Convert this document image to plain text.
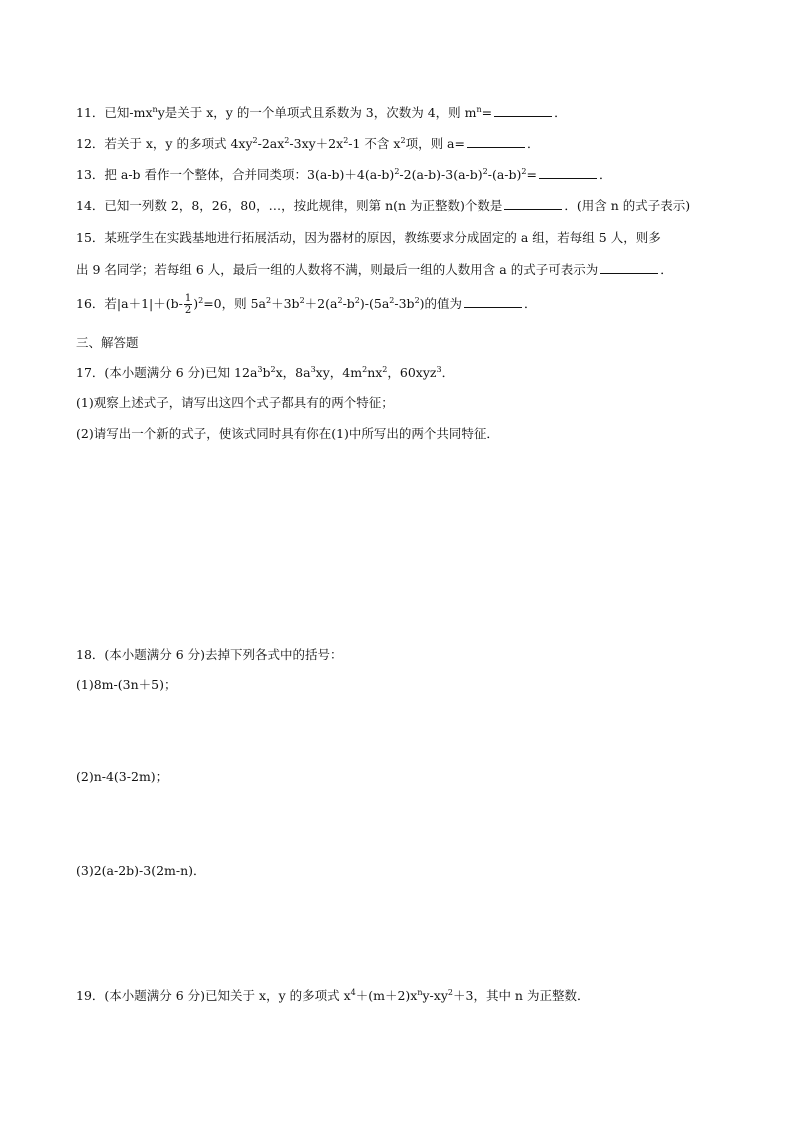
11．已知$-mx^ny$是关于 x，y 的一个单项式且系数为 3，次数为 4，则 $m^n=$	．
12．若关于 x，y 的多项式 $4xy^2-2ax^2-3xy+2x^2-1$ 不含 $x^2$项，则 a=	．
13．把 a-b 看作一个整体，合并同类项：$3(a-b)+4(a-b)^2-2(a-b)-3(a-b)^2-(a-b)^2=$	．
14．已知一列数 2，8，26，80，…，按此规律，则第 n(n 为正整数)个数是	．(用含 n 的式子表示)
15．某班学生在实践基地进行拓展活动，因为器材的原因，教练要求分成固定的 a 组，若每组 5 人，则多
出 9 名同学；若每组 6 人，最后一组的人数将不满，则最后一组的人数用含 a 的式子可表示为	．
16．若$|a+1|+(b- \frac{1}{2} )^2=0$，则 $5a^2+3b^2+2(a^2-b^2)-(5a^2-3b^2)$的值为	．
三、解答题
17．(本小题满分 6 分)已知 $12a^3b^2x$，$8a^3xy$，$4m^2nx^2$，60xyz$^3$．
(1)观察上述式子，请写出这四个式子都具有的两个特征；
(2)请写出一个新的式子，使该式同时具有你在(1)中所写出的两个共同特征．
18．(本小题满分 6 分)去掉下列各式中的括号：
(1)8m-(3n＋5)；
(2)n-4(3-2m)；
(3)2(a-2b)-3(2m-n)．
19．(本小题满分 6 分)已知关于 x，y 的多项式 $x^4+(m+2)x^ny-xy^2+3$，其中 n 为正整数．
